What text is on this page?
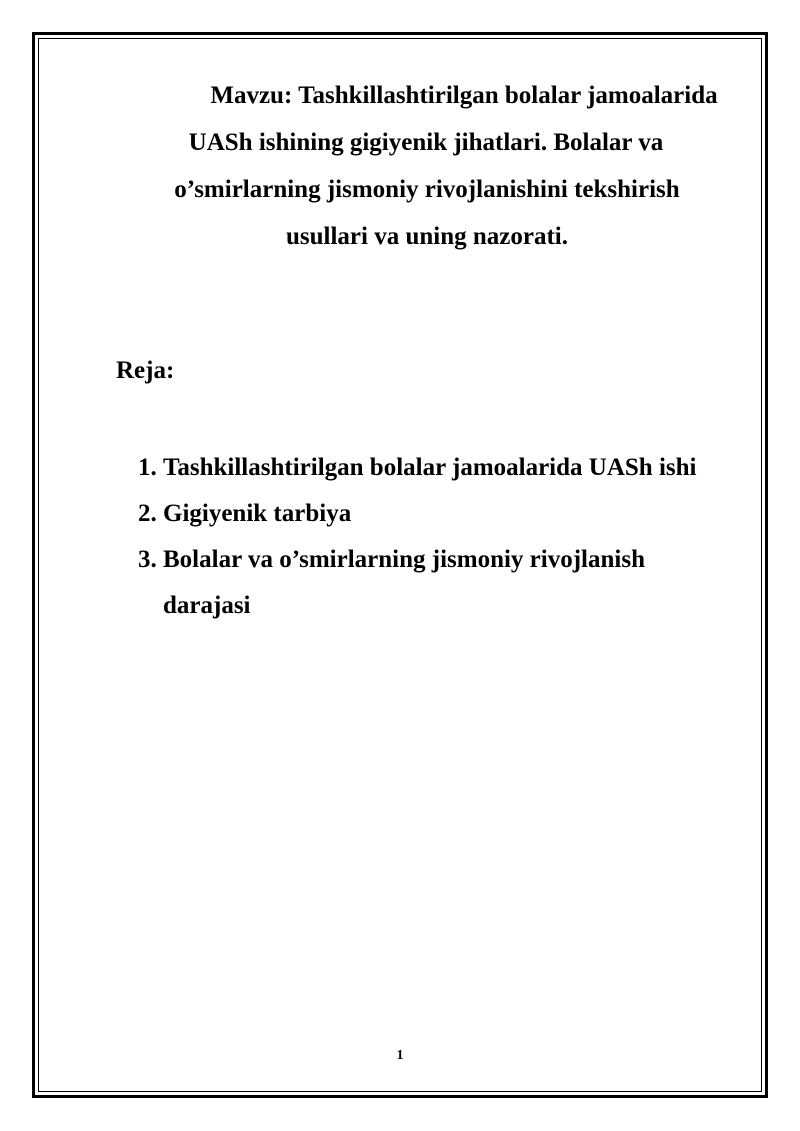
Mavzu: Tashkillashtirilgan bolalar jamoalarida
UASh ishining gigiyenik jihatlari. Bolalar va
o’smirlarning jismoniy rivojlanishini tekshirish
usullari va uning nazorati.
Reja:
1. Tashkillashtirilgan bolalar jamoalarida UASh ishi
2. Gigiyenik tarbiya
3. Bolalar va o’smirlarning jismoniy rivojlanish darajasi
1
